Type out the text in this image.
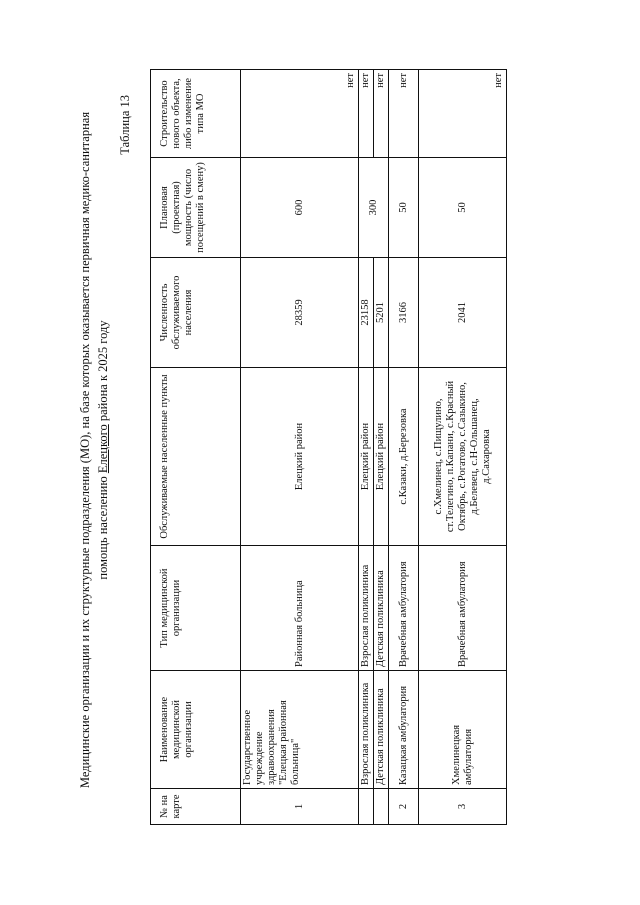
Медицинские организации и их структурные подразделения (МО), на базе которых оказывается первичная медико-санитарная помощь населению Елецкого района к 2025 году
Таблица 13
№ на карте	Наименование медицинской организации	Тип медицинской организации	Обслуживаемые населенные пункты	Численность обслуживаемого населения	Плановая (проектная) мощность (число посещений в смену)	Строительство нового объекта, либо изменение типа МО
1	Государственное учреждение здравоохранения "Елецкая районная больница"	Районная больница	Елецкий район	28359	600	нет
	Взрослая поликлиника	Взрослая поликлиника	Елецкий район	23158	300	нет
	Детская поликлиника	Детская поликлиника	Елецкий район	5201		нет
2	Казацкая амбулатория	Врачебная амбулатория	с.Казаки, д.Березовка	3166	50	нет
3	Хмелинецкая амбулатория	Врачебная амбулатория	с.Хмелинец, с.Пищулино, ст.Телегино, п.Капани, с.Красный Октябрь, с.Рогатово, с.Сазыкино, д.Белевец, с.Н-Ольшанец, д.Сахаровка	2041	50	нет
